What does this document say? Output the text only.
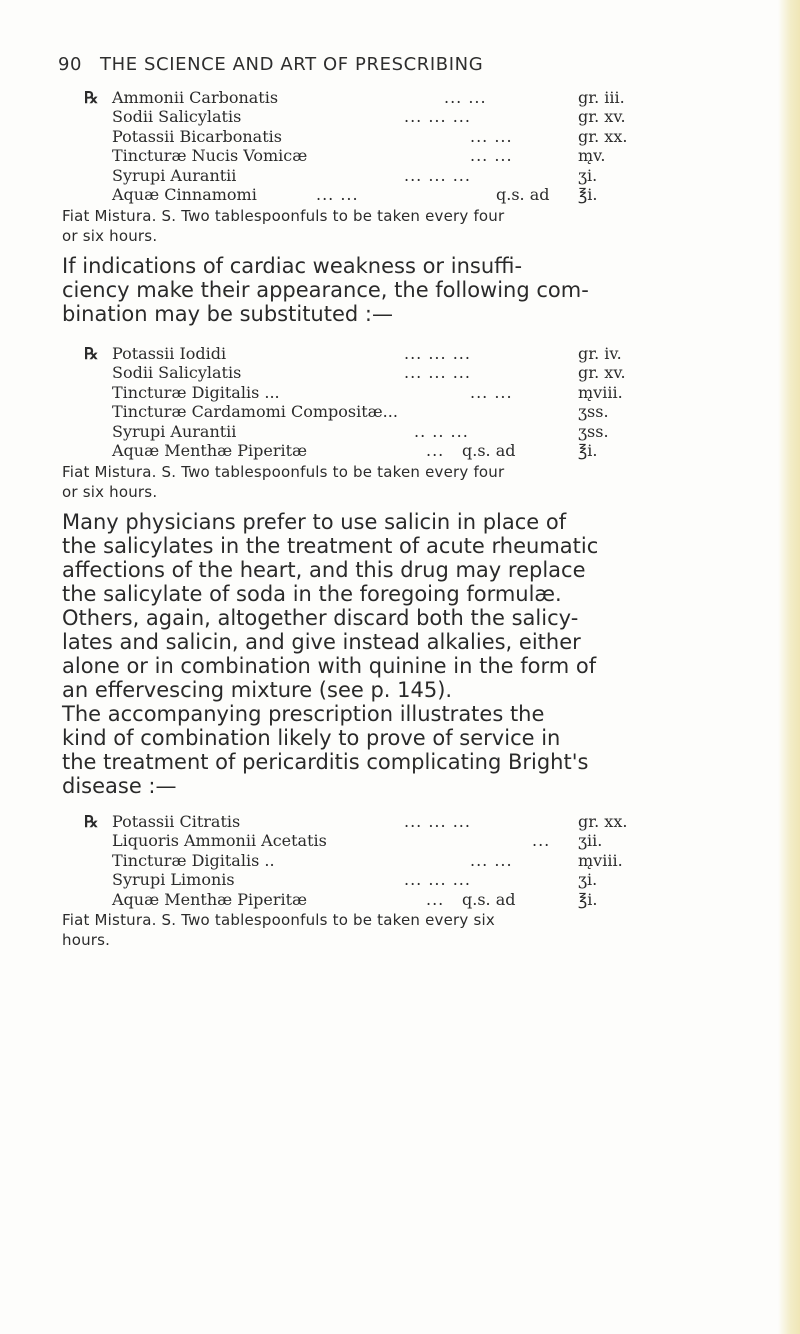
90 THE SCIENCE AND ART OF PRESCRIBING
℞ Ammonii Carbonatis	... ...	gr. iii.
Sodii Salicylatis	... ... ...	gr. xv.
Potassii Bicarbonatis	... ...	gr. xx.
Tincturæ Nucis Vomicæ	... ...	m̨v.
Syrupi Aurantii	... ... ...	ʒi.
Aquæ Cinnamomi	... ...	q.s. ad ℥i.
Fiat Mistura. S. Two tablespoonfuls to be taken every four
or six hours.

If indications of cardiac weakness or insuffi-

ciency make their appearance, the following com-

bination may be substituted :—

℞ Potassii Iodidi	... ... ...	gr. iv.
Sodii Salicylatis	... ... ...	gr. xv.
Tincturæ Digitalis ...	... ...	m̨viii.
Tincturæ Cardamomi Compositæ...	ʒss.
Syrupi Aurantii	.. .. ...	ʒss.
Aquæ Menthæ Piperitæ	... q.s. ad	℥i.
Fiat Mistura. S. Two tablespoonfuls to be taken every four
or six hours.

Many physicians prefer to use salicin in place of

the salicylates in the treatment of acute rheumatic

affections of the heart, and this drug may replace

the salicylate of soda in the foregoing formulæ.

Others, again, altogether discard both the salicy-

lates and salicin, and give instead alkalies, either

alone or in combination with quinine in the form of

an effervescing mixture (see p. 145).

The accompanying prescription illustrates the

kind of combination likely to prove of service in

the treatment of pericarditis complicating Bright's

disease :—

℞ Potassii Citratis	... ... ...	gr. xx.
Liquoris Ammonii Acetatis	... ʒii.
Tincturæ Digitalis ..	... ...	m̨viii.
Syrupi Limonis	... ... ...	ʒi.
Aquæ Menthæ Piperitæ	... q.s. ad	℥i.
Fiat Mistura. S. Two tablespoonfuls to be taken every six
hours.
